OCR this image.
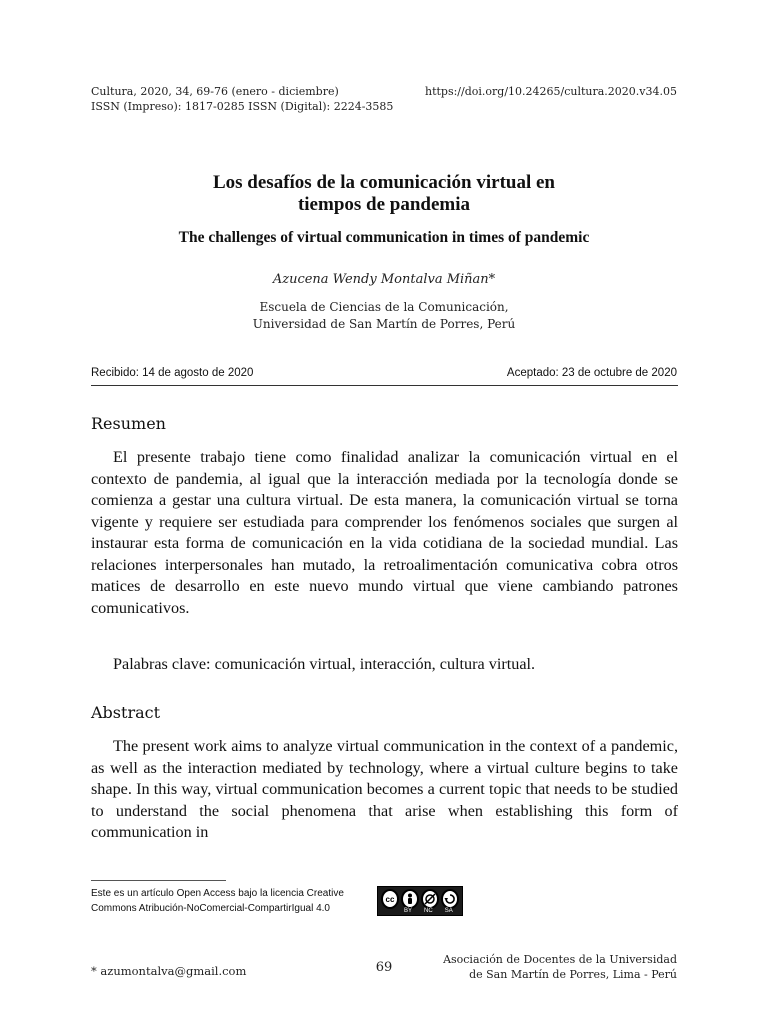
Cultura, 2020, 34, 69-76 (enero - diciembre)
ISSN (Impreso): 1817-0285 ISSN (Digital): 2224-3585
https://doi.org/10.24265/cultura.2020.v34.05
Los desafíos de la comunicación virtual en
tiempos de pandemia
The challenges of virtual communication in times of pandemic
Azucena Wendy Montalva Miñan*
Escuela de Ciencias de la Comunicación,
Universidad de San Martín de Porres, Perú
Recibido: 14 de agosto de 2020	Aceptado: 23 de octubre de 2020
Resumen
El presente trabajo tiene como finalidad analizar la comunicación virtual en el contexto de pandemia, al igual que la interacción mediada por la tecnología donde se comienza a gestar una cultura virtual. De esta manera, la comunicación virtual se torna vigente y requiere ser estudiada para comprender los fenómenos sociales que surgen al instaurar esta forma de comunicación en la vida cotidiana de la sociedad mundial. Las relaciones interpersonales han mutado, la retroalimentación comunicativa cobra otros matices de desarrollo en este nuevo mundo virtual que viene cambiando patrones comunicativos.
Palabras clave: comunicación virtual, interacción, cultura virtual.
Abstract
The present work aims to analyze virtual communication in the context of a pandemic, as well as the interaction mediated by technology, where a virtual culture begins to take shape. In this way, virtual communication becomes a current topic that needs to be studied to understand the social phenomena that arise when establishing this form of communication in
Este es un artículo Open Access bajo la licencia Creative
Commons Atribución-NoComercial-CompartirIgual 4.0
cc
BY NC SA
* azumontalva@gmail.com	69
Asociación de Docentes de la Universidad
de San Martín de Porres, Lima - Perú
